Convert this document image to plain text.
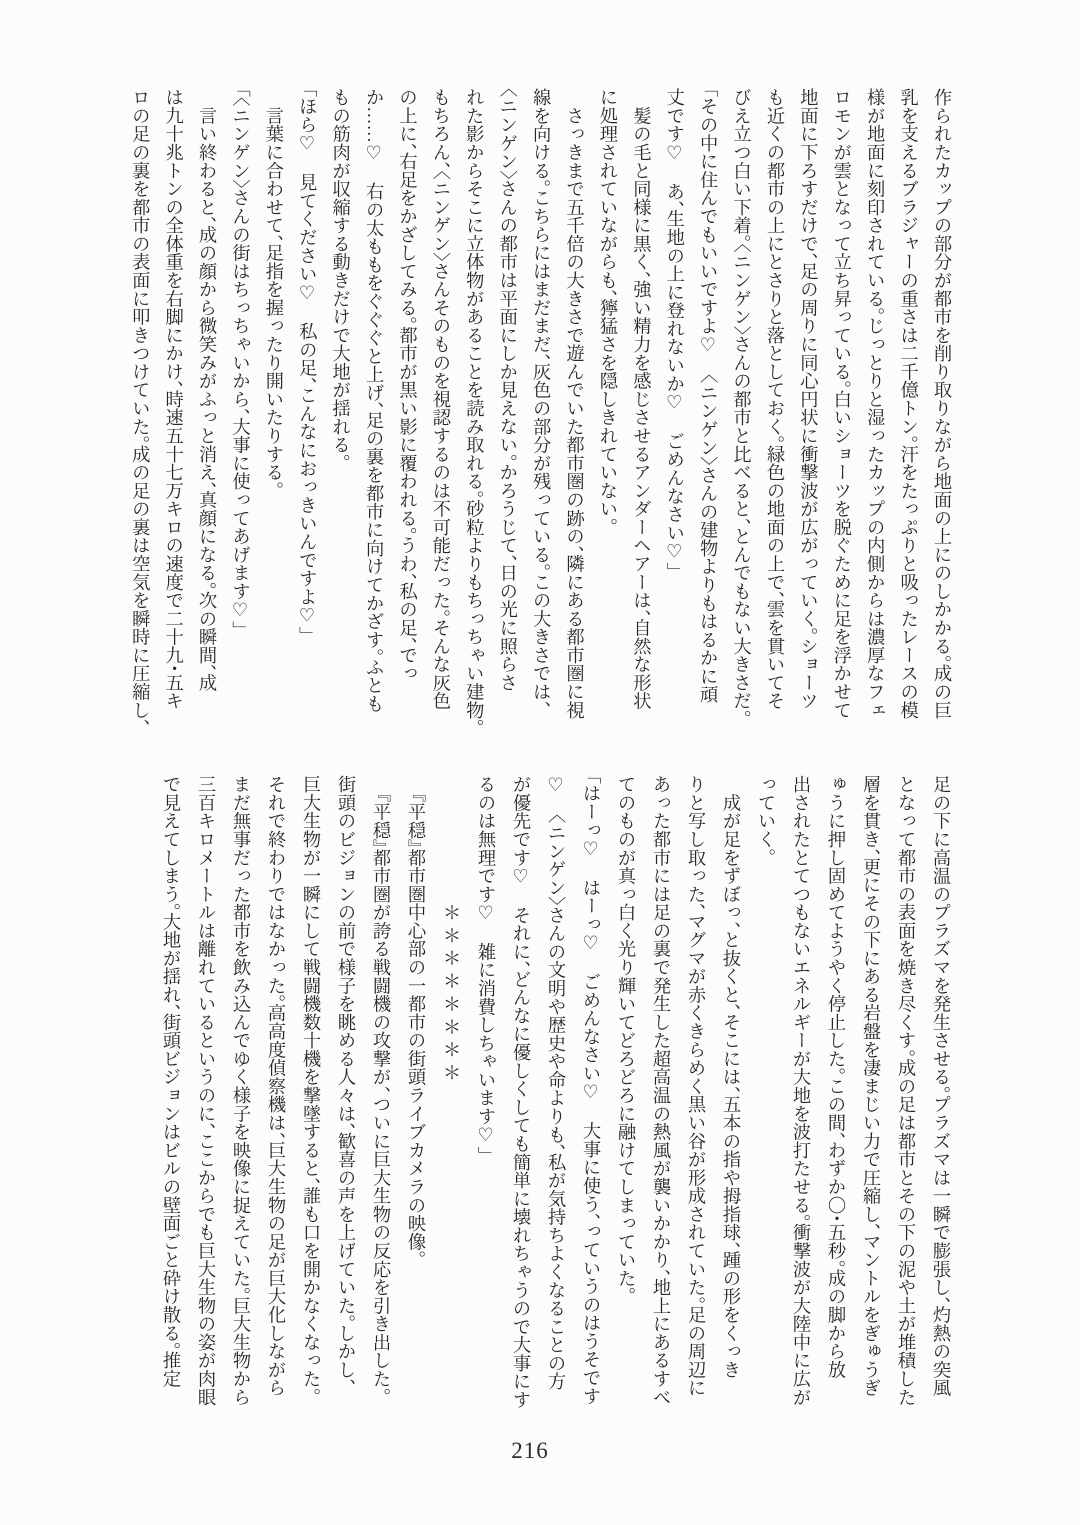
作られたカップの部分が都市を削り取りながら地面の上にのしかかる。成の巨
乳を支えるブラジャーの重さは二千億トン。汗をたっぷりと吸ったレースの模
様が地面に刻印されている。じっとりと湿ったカップの内側からは濃厚なフェ
ロモンが雲となって立ち昇っている。白いショーツを脱ぐために足を浮かせて
地面に下ろすだけで、足の周りに同心円状に衝撃波が広がっていく。ショーツ
も近くの都市の上にとさりと落としておく。緑色の地面の上で、雲を貫いてそ
びえ立つ白い下着。〈ニンゲン〉さんの都市と比べると、とんでもない大きさだ。
「その中に住んでもいいですよ♡　〈ニンゲン〉さんの建物よりもはるかに頑
丈です♡　あ、生地の上に登れないか♡　ごめんなさい♡」
　髪の毛と同様に黒く、強い精力を感じさせるアンダーヘアーは、自然な形状
に処理されていながらも、獰猛さを隠しきれていない。
　さっきまで五千倍の大きさで遊んでいた都市圏の跡の、隣にある都市圏に視
線を向ける。こちらにはまだまだ、灰色の部分が残っている。この大きさでは、
〈ニンゲン〉さんの都市は平面にしか見えない。かろうじて、日の光に照らさ
れた影からそこに立体物があることを読み取れる。砂粒よりもちっちゃい建物。
もちろん、〈ニンゲン〉さんそのものを視認するのは不可能だった。そんな灰色
の上に、右足をかざしてみる。都市が黒い影に覆われる。うわ、私の足、でっ
か……♡　右の太ももをぐぐぐと上げ、足の裏を都市に向けてかざす。ふとも
もの筋肉が収縮する動きだけで大地が揺れる。
「ほら♡　見てください♡　私の足、こんなにおっきいんですよ♡」
　言葉に合わせて、足指を握ったり開いたりする。
「〈ニンゲン〉さんの街はちっちゃいから、大事に使ってあげます♡」
　言い終わると、成の顔から微笑みがふっと消え、真顔になる。次の瞬間、成
は九十兆トンの全体重を右脚にかけ、時速五十七万キロの速度で二十九・五キ
ロの足の裏を都市の表面に叩きつけていた。成の足の裏は空気を瞬時に圧縮し、
足の下に高温のプラズマを発生させる。プラズマは一瞬で膨張し、灼熱の突風
となって都市の表面を焼き尽くす。成の足は都市とその下の泥や土が堆積した
層を貫き、更にその下にある岩盤を凄まじい力で圧縮し、マントルをぎゅうぎ
ゅうに押し固めてようやく停止した。この間、わずか〇・五秒。成の脚から放
出されたとてつもないエネルギーが大地を波打たせる。衝撃波が大陸中に広が
っていく。
　成が足をずぼっ、と抜くと、そこには、五本の指や拇指球、踵の形をくっき
りと写し取った、マグマが赤くきらめく黒い谷が形成されていた。足の周辺に
あった都市には足の裏で発生した超高温の熱風が襲いかかり、地上にあるすべ
てのものが真っ白く光り輝いてどろどろに融けてしまっていた。
「はーっ♡　はーっ♡　ごめんなさい♡　大事に使う、っていうのはうそです
♡　〈ニンゲン〉さんの文明や歴史や命よりも、私が気持ちよくなることの方
が優先です♡　それに、どんなに優しくしても簡単に壊れちゃうので大事にす
るのは無理です♡　雑に消費しちゃいます♡」
　　　　　　　＊ ＊ ＊ ＊ ＊ ＊ ＊ ＊
　『平穏』都市圏中心部の一都市の街頭ライブカメラの映像。
　『平穏』都市圏が誇る戦闘機の攻撃が、ついに巨大生物の反応を引き出した。
街頭のビジョンの前で様子を眺める人々は、歓喜の声を上げていた。しかし、
巨大生物が一瞬にして戦闘機数十機を撃墜すると、誰も口を開かなくなった。
それで終わりではなかった。高高度偵察機は、巨大生物の足が巨大化しながら
まだ無事だった都市を飲み込んでゆく様子を映像に捉えていた。巨大生物から
三百キロメートルは離れているというのに、ここからでも巨大生物の姿が肉眼
で見えてしまう。大地が揺れ、街頭ビジョンはビルの壁面ごと砕け散る。推定
216
